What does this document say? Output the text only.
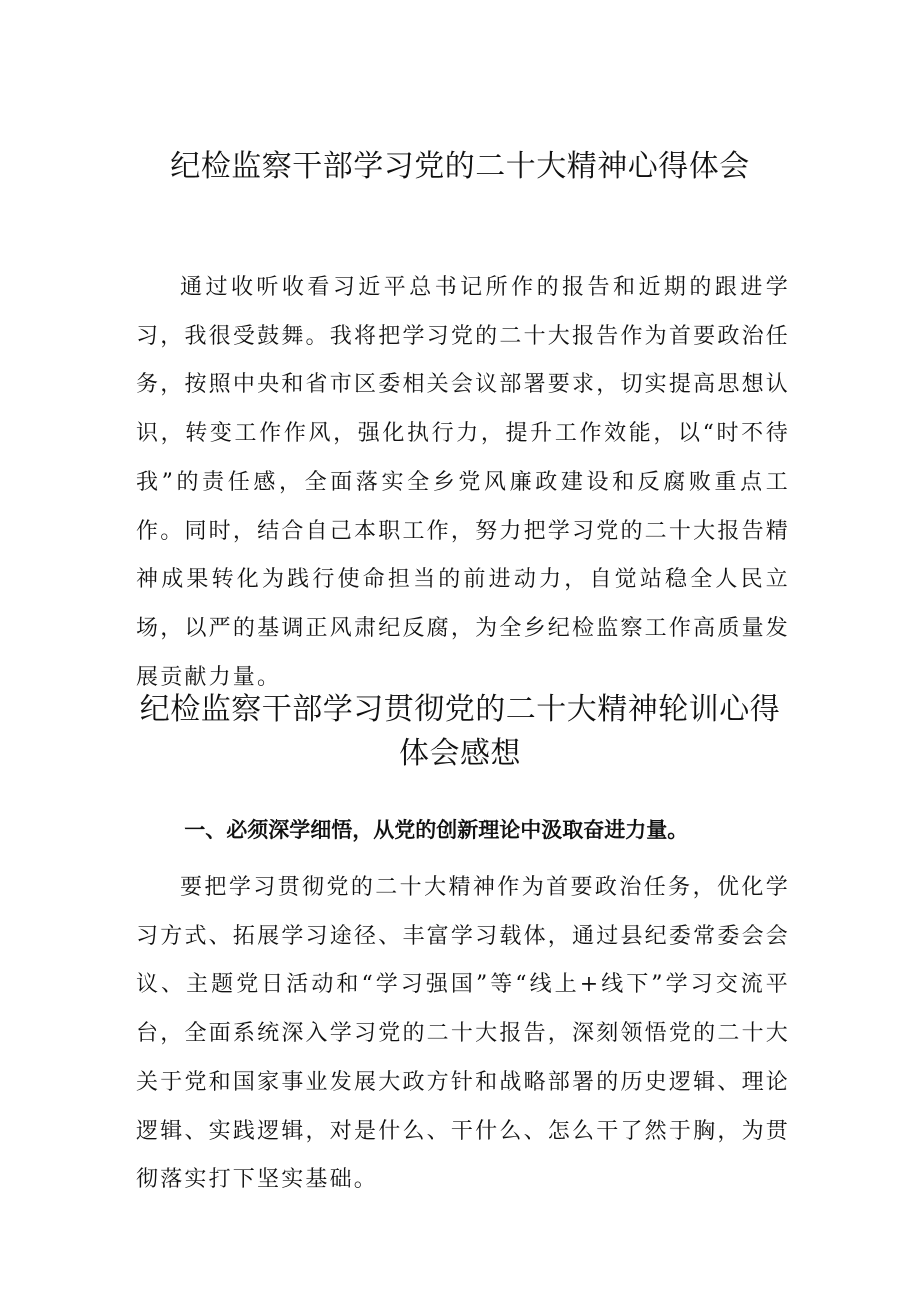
纪检监察干部学习党的二十大精神心得体会

通过收听收看习近平总书记所作的报告和近期的跟进学习，我很受鼓舞。我将把学习党的二十大报告作为首要政治任务，按照中央和省市区委相关会议部署要求，切实提高思想认识，转变工作作风，强化执行力，提升工作效能，以“时不待我”的责任感，全面落实全乡党风廉政建设和反腐败重点工作。同时，结合自己本职工作，努力把学习党的二十大报告精神成果转化为践行使命担当的前进动力，自觉站稳全人民立场，以严的基调正风肃纪反腐，为全乡纪检监察工作高质量发展贡献力量。

纪检监察干部学习贯彻党的二十大精神轮训心得体会感想

一、必须深学细悟，从党的创新理论中汲取奋进力量。

要把学习贯彻党的二十大精神作为首要政治任务，优化学习方式、拓展学习途径、丰富学习载体，通过县纪委常委会会议、主题党日活动和“学习强国”等“线上+线下”学习交流平台，全面系统深入学习党的二十大报告，深刻领悟党的二十大关于党和国家事业发展大政方针和战略部署的历史逻辑、理论逻辑、实践逻辑，对是什么、干什么、怎么干了然于胸，为贯彻落实打下坚实基础。
